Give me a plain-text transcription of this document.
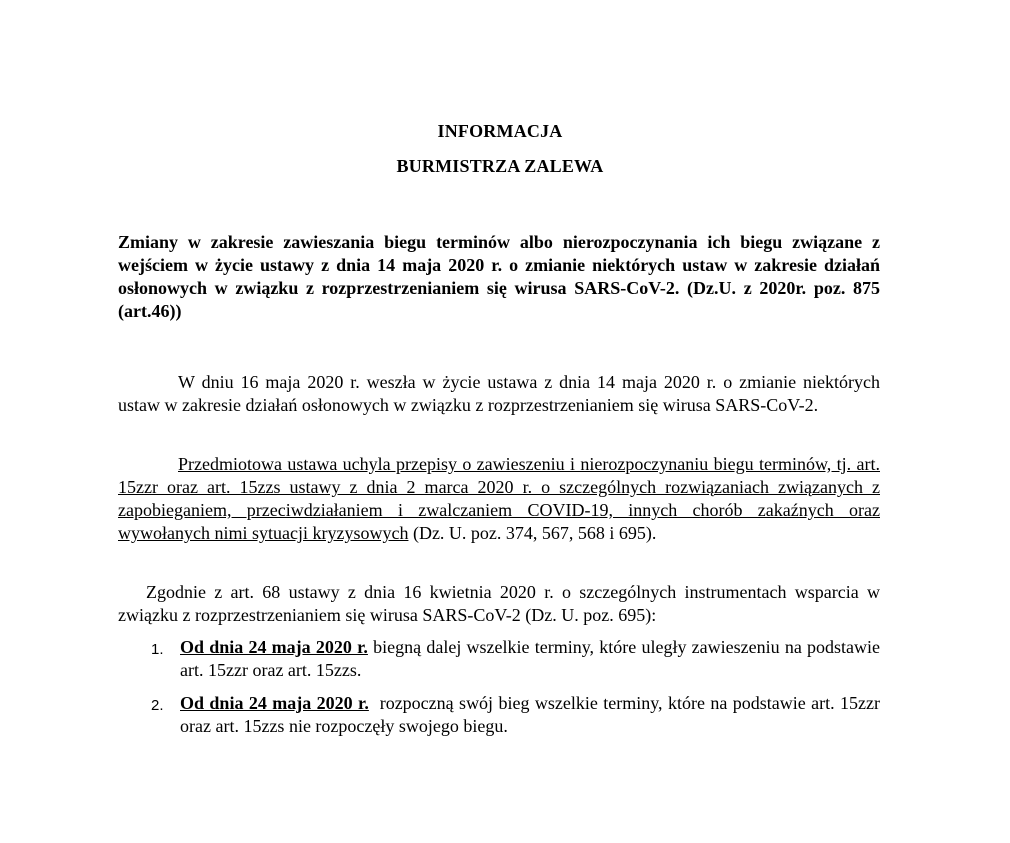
INFORMACJA
BURMISTRZA ZALEWA
Zmiany w zakresie zawieszania biegu terminów albo nierozpoczynania ich biegu związane z wejściem w życie ustawy z dnia 14 maja 2020 r. o zmianie niektórych ustaw w zakresie działań osłonowych w związku z rozprzestrzenianiem się wirusa SARS-CoV-2. (Dz.U. z 2020r. poz. 875 (art.46))
W dniu 16 maja 2020 r. weszła w życie ustawa z dnia 14 maja 2020 r. o zmianie niektórych ustaw w zakresie działań osłonowych w związku z rozprzestrzenianiem się wirusa SARS-CoV-2.
Przedmiotowa ustawa uchyla przepisy o zawieszeniu i nierozpoczynaniu biegu terminów, tj. art. 15zzr oraz art. 15zzs ustawy z dnia 2 marca 2020 r. o szczególnych rozwiązaniach związanych z zapobieganiem, przeciwdziałaniem i zwalczaniem COVID-19, innych chorób zakaźnych oraz wywołanych nimi sytuacji kryzysowych (Dz. U. poz. 374, 567, 568 i 695).
Zgodnie z art. 68 ustawy z dnia 16 kwietnia 2020 r. o szczególnych instrumentach wsparcia w związku z rozprzestrzenianiem się wirusa SARS-CoV-2 (Dz. U. poz. 695):
1. Od dnia 24 maja 2020 r. biegną dalej wszelkie terminy, które uległy zawieszeniu na podstawie art. 15zzr oraz art. 15zzs.
2. Od dnia 24 maja 2020 r.  rozpoczną swój bieg wszelkie terminy, które na podstawie art. 15zzr oraz art. 15zzs nie rozpoczęły swojego biegu.
